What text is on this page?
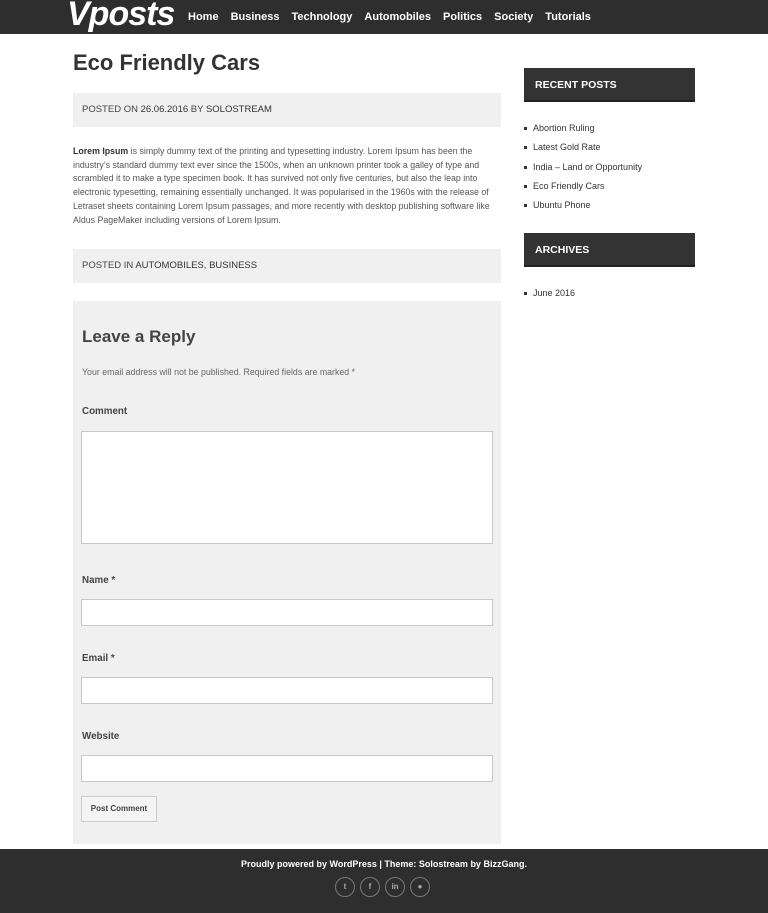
Vposts Home Business Technology Automobiles Politics Society Tutorials
Eco Friendly Cars
POSTED ON 26.06.2016 BY SOLOSTREAM

Lorem Ipsum is simply dummy text of the printing and typesetting industry. Lorem Ipsum has been the industry’s standard dummy text ever since the 1500s, when an unknown printer took a galley of type and scrambled it to make a type specimen book. It has survived not only five centuries, but also the leap into electronic typesetting, remaining essentially unchanged. It was popularised in the 1960s with the release of Letraset sheets containing Lorem Ipsum passages, and more recently with desktop publishing software like Aldus PageMaker including versions of Lorem Ipsum.

POSTED IN AUTOMOBILES, BUSINESS
Leave a Reply
Your email address will not be published. Required fields are marked *
Comment
Name *
Email *
Website
Post Comment
RECENT POSTS
Abortion Ruling
Latest Gold Rate
India – Land or Opportunity
Eco Friendly Cars
Ubuntu Phone
ARCHIVES
June 2016
Proudly powered by WordPress | Theme: Solostream by BizzGang.
t	f	in	●
